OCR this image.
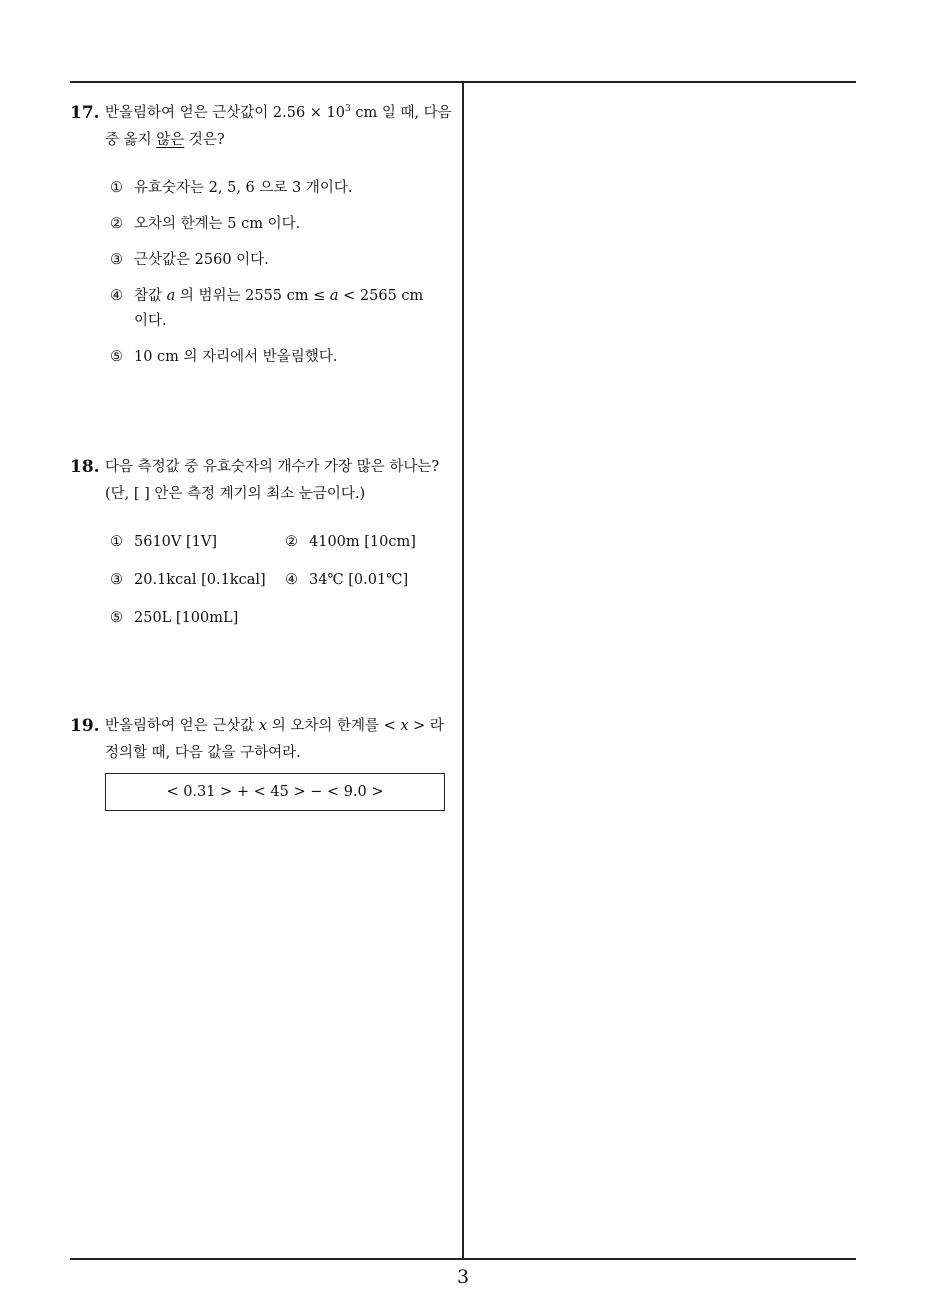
17. 반올림하여 얻은 근삿값이 $2.56 \times 10^3$ cm 일 때, 다음 중 옳지 않은 것은?
① 유효숫자는 2, 5, 6 으로 3 개이다.
② 오차의 한계는 5 cm 이다.
③ 근삿값은 2560 이다.
④ 참값 a 의 범위는 2555 cm ≤ a < 2565 cm 이다.
⑤ 10 cm 의 자리에서 반올림했다.
18. 다음 측정값 중 유효숫자의 개수가 가장 많은 하나는? (단, [ ] 안은 측정 계기의 최소 눈금이다.)
① 5610V [1V]	② 4100m [10cm]
③ 20.1kcal [0.1kcal]	④ 34℃ [0.01℃]
⑤ 250L [100mL]
19. 반올림하여 얻은 근삿값 x 의 오차의 한계를 < x > 라 정의할 때, 다음 값을 구하여라.
< 0.31 > + < 45 > − < 9.0 >
3
